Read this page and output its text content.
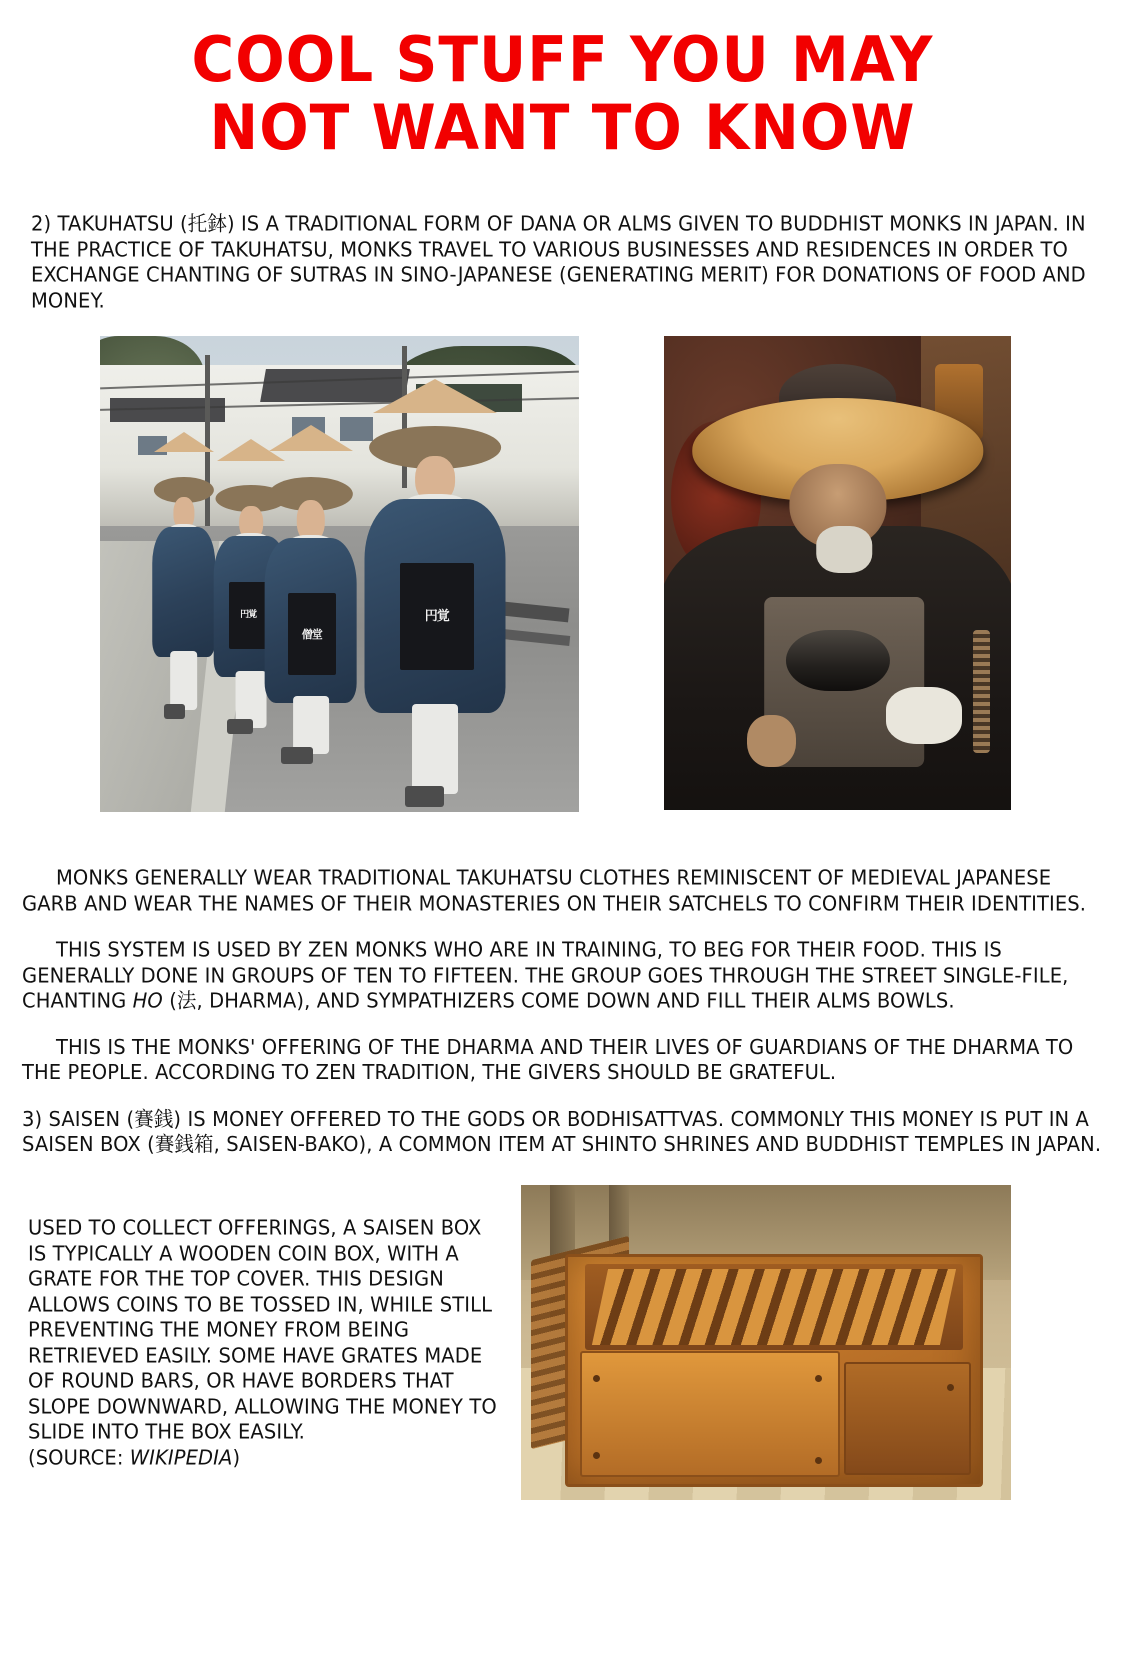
COOL STUFF YOU MAY
NOT WANT TO KNOW
2) TAKUHATSU (托鉢) IS A TRADITIONAL FORM OF DANA OR ALMS GIVEN TO BUDDHIST MONKS IN JAPAN. IN THE PRACTICE OF TAKUHATSU, MONKS TRAVEL TO VARIOUS BUSINESSES AND RESIDENCES IN ORDER TO EXCHANGE CHANTING OF SUTRAS IN SINO-JAPANESE (GENERATING MERIT) FOR DONATIONS OF FOOD AND MONEY.
円覚
僧堂
円覚
MONKS GENERALLY WEAR TRADITIONAL TAKUHATSU CLOTHES REMINISCENT OF MEDIEVAL JAPANESE GARB AND WEAR THE NAMES OF THEIR MONASTERIES ON THEIR SATCHELS TO CONFIRM THEIR IDENTITIES.
THIS SYSTEM IS USED BY ZEN MONKS WHO ARE IN TRAINING, TO BEG FOR THEIR FOOD. THIS IS GENERALLY DONE IN GROUPS OF TEN TO FIFTEEN. THE GROUP GOES THROUGH THE STREET SINGLE-FILE, CHANTING HO (法, DHARMA), AND SYMPATHIZERS COME DOWN AND FILL THEIR ALMS BOWLS.
THIS IS THE MONKS' OFFERING OF THE DHARMA AND THEIR LIVES OF GUARDIANS OF THE DHARMA TO THE PEOPLE. ACCORDING TO ZEN TRADITION, THE GIVERS SHOULD BE GRATEFUL.
3) SAISEN (賽銭) IS MONEY OFFERED TO THE GODS OR BODHISATTVAS. COMMONLY THIS MONEY IS PUT IN A SAISEN BOX (賽銭箱, SAISEN-BAKO), A COMMON ITEM AT SHINTO SHRINES AND BUDDHIST TEMPLES IN JAPAN.
USED TO COLLECT OFFERINGS, A SAISEN BOX IS TYPICALLY A WOODEN COIN BOX, WITH A GRATE FOR THE TOP COVER. THIS DESIGN ALLOWS COINS TO BE TOSSED IN, WHILE STILL PREVENTING THE MONEY FROM BEING RETRIEVED EASILY. SOME HAVE GRATES MADE OF ROUND BARS, OR HAVE BORDERS THAT SLOPE DOWNWARD, ALLOWING THE MONEY TO SLIDE INTO THE BOX EASILY.
(SOURCE: WIKIPEDIA)
